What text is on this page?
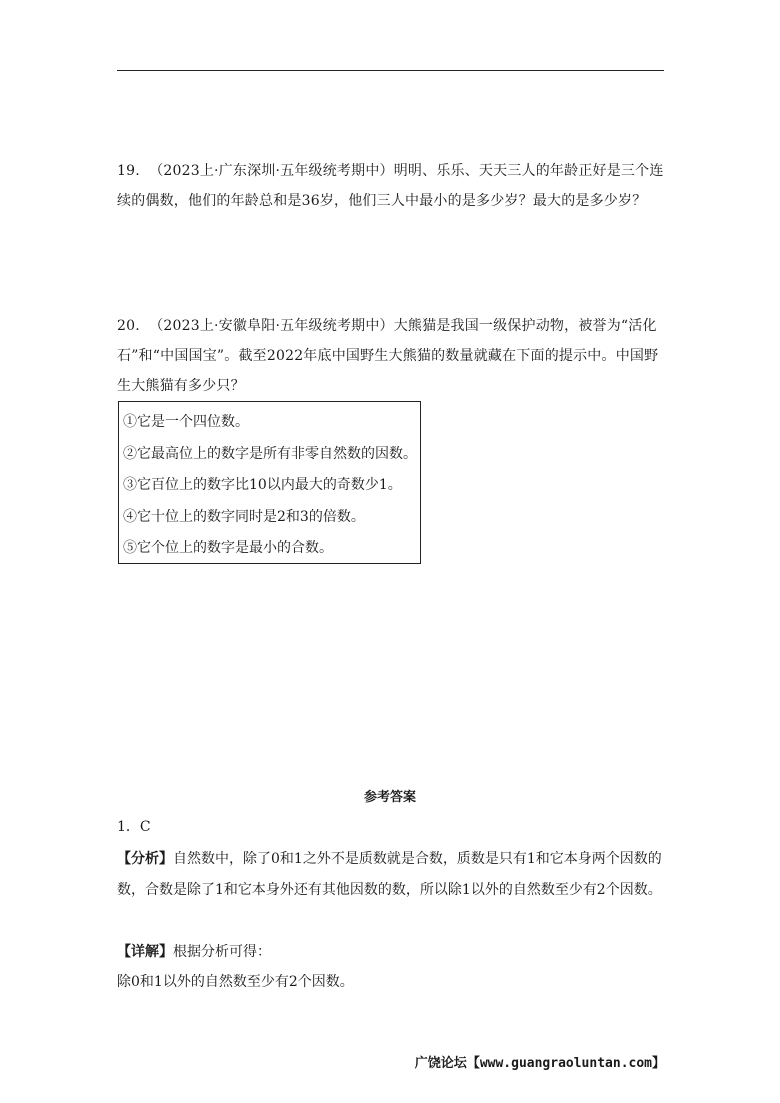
19. （2023上·广东深圳·五年级统考期中）明明、乐乐、天天三人的年龄正好是三个连续的偶数，他们的年龄总和是36岁，他们三人中最小的是多少岁？最大的是多少岁？

20. （2023上·安徽阜阳·五年级统考期中）大熊猫是我国一级保护动物，被誉为“活化石”和“中国国宝”。截至2022年底中国野生大熊猫的数量就藏在下面的提示中。中国野生大熊猫有多少只？

①它是一个四位数。
②它最高位上的数字是所有非零自然数的因数。
③它百位上的数字比10以内最大的奇数少1。
④它十位上的数字同时是2和3的倍数。
⑤它个位上的数字是最小的合数。
参考答案
1．C
【分析】自然数中，除了0和1之外不是质数就是合数，质数是只有1和它本身两个因数的数，合数是除了1和它本身外还有其他因数的数，所以除1以外的自然数至少有2个因数。
【详解】根据分析可得：
除0和1以外的自然数至少有2个因数。
广饶论坛【www.guangraoluntan.com】
